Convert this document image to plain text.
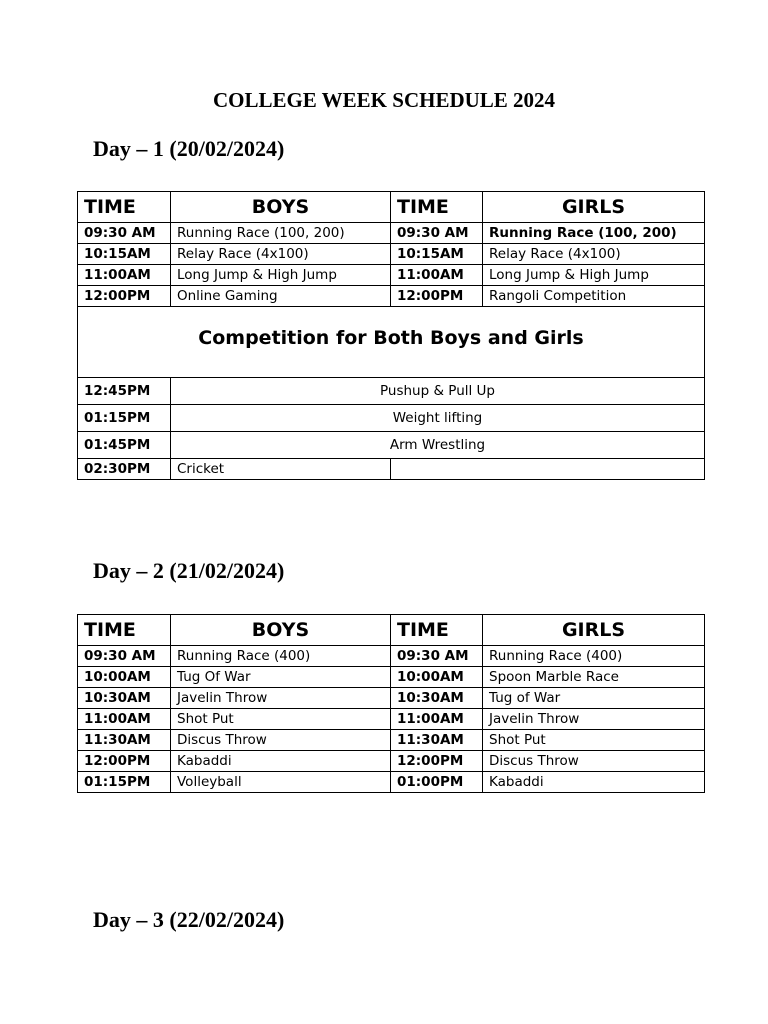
COLLEGE WEEK SCHEDULE 2024
Day – 1 (20/02/2024)
TIME	BOYS	TIME	GIRLS
09:30 AM	Running Race (100, 200)	09:30 AM	Running Race (100, 200)
10:15AM	Relay Race (4x100)	10:15AM	Relay Race (4x100)
11:00AM	Long Jump & High Jump	11:00AM	Long Jump & High Jump
12:00PM	Online Gaming	12:00PM	Rangoli Competition
Competition for Both Boys and Girls			
12:45PM	Pushup & Pull Up		
01:15PM	Weight lifting		
01:45PM	Arm Wrestling		
02:30PM	Cricket		
Day – 2 (21/02/2024)
TIME	BOYS	TIME	GIRLS
09:30 AM	Running Race (400)	09:30 AM	Running Race (400)
10:00AM	Tug Of War	10:00AM	Spoon Marble Race
10:30AM	Javelin Throw	10:30AM	Tug of War
11:00AM	Shot Put	11:00AM	Javelin Throw
11:30AM	Discus Throw	11:30AM	Shot Put
12:00PM	Kabaddi	12:00PM	Discus Throw
01:15PM	Volleyball	01:00PM	Kabaddi
Day – 3 (22/02/2024)
